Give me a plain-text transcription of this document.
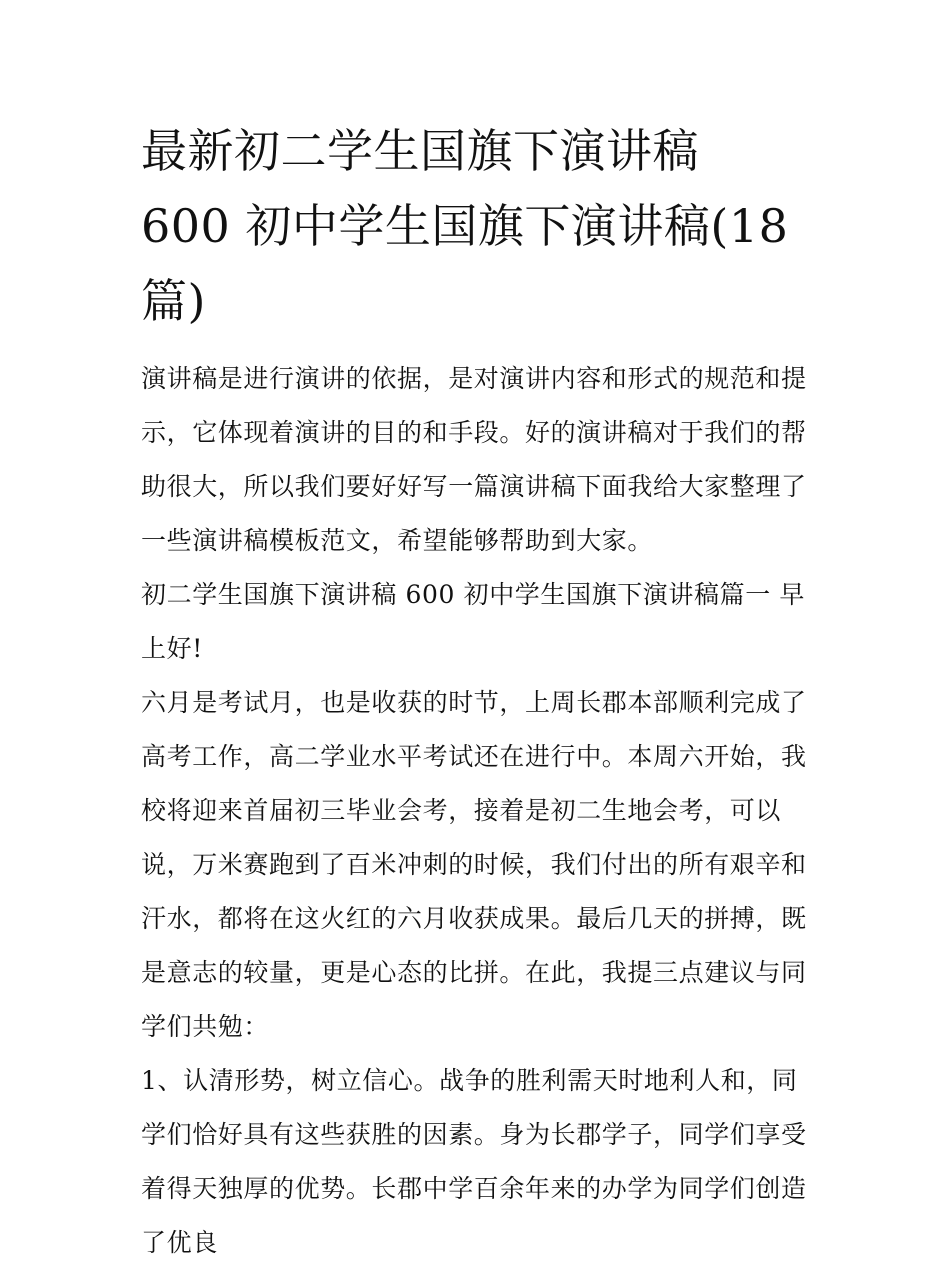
最新初二学生国旗下演讲稿
600 初中学生国旗下演讲稿(18
篇)

演讲稿是进行演讲的依据，是对演讲内容和形式的规范和提示，它体现着演讲的目的和手段。好的演讲稿对于我们的帮助很大，所以我们要好好写一篇演讲稿下面我给大家整理了一些演讲稿模板范文，希望能够帮助到大家。

初二学生国旗下演讲稿 600 初中学生国旗下演讲稿篇一 早上好!

六月是考试月，也是收获的时节，上周长郡本部顺利完成了高考工作，高二学业水平考试还在进行中。本周六开始，我校将迎来首届初三毕业会考，接着是初二生地会考，可以说，万米赛跑到了百米冲刺的时候，我们付出的所有艰辛和汗水，都将在这火红的六月收获成果。最后几天的拼搏，既是意志的较量，更是心态的比拼。在此，我提三点建议与同学们共勉：

1、认清形势，树立信心。战争的胜利需天时地利人和，同学们恰好具有这些获胜的因素。身为长郡学子，同学们享受着得天独厚的优势。长郡中学百余年来的办学为同学们创造了优良
